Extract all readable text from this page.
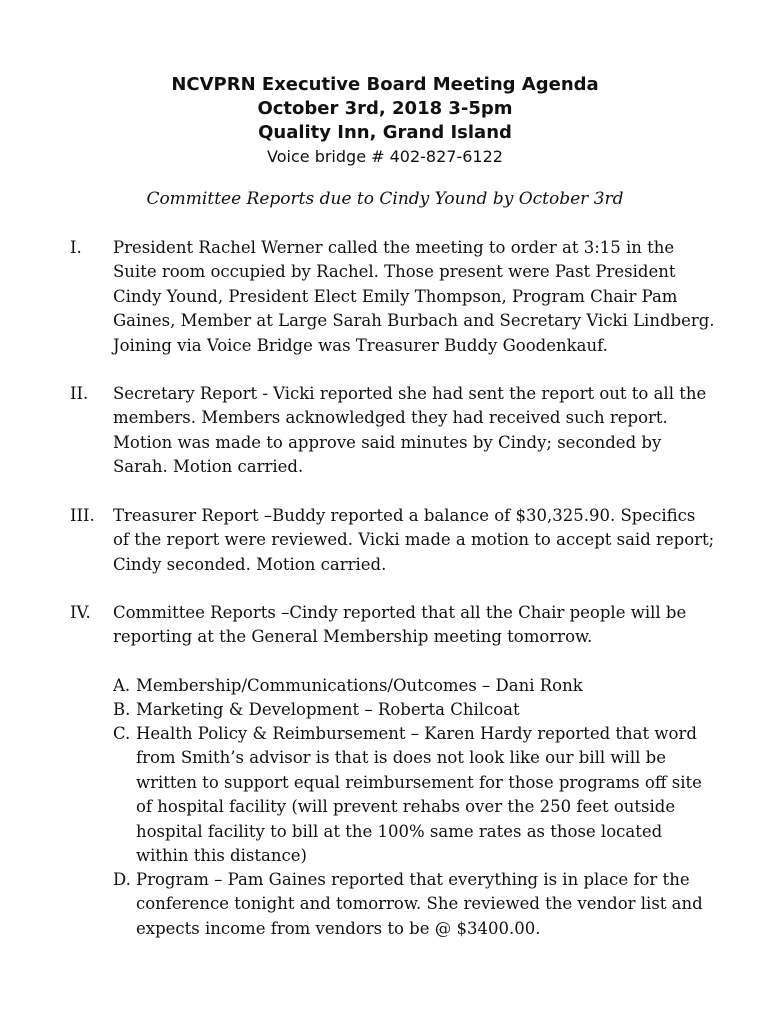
NCVPRN Executive Board Meeting Agenda
October 3rd, 2018 3-5pm
Quality Inn, Grand Island
Voice bridge # 402-827-6122
Committee Reports due to Cindy Yound by October 3rd
I. President Rachel Werner called the meeting to order at 3:15 in the
Suite room occupied by Rachel. Those present were Past President
Cindy Yound, President Elect Emily Thompson, Program Chair Pam
Gaines, Member at Large Sarah Burbach and Secretary Vicki Lindberg.
Joining via Voice Bridge was Treasurer Buddy Goodenkauf.
II. Secretary Report - Vicki reported she had sent the report out to all the
members. Members acknowledged they had received such report.
Motion was made to approve said minutes by Cindy; seconded by
Sarah. Motion carried.
III. Treasurer Report –Buddy reported a balance of $30,325.90. Specifics
of the report were reviewed. Vicki made a motion to accept said report;
Cindy seconded. Motion carried.
IV. Committee Reports –Cindy reported that all the Chair people will be
reporting at the General Membership meeting tomorrow.
A. Membership/Communications/Outcomes – Dani Ronk
B. Marketing & Development – Roberta Chilcoat
C. Health Policy & Reimbursement – Karen Hardy reported that word
from Smith’s advisor is that is does not look like our bill will be
written to support equal reimbursement for those programs off site
of hospital facility (will prevent rehabs over the 250 feet outside
hospital facility to bill at the 100% same rates as those located
within this distance)
D. Program – Pam Gaines reported that everything is in place for the
conference tonight and tomorrow. She reviewed the vendor list and
expects income from vendors to be @ $3400.00.
